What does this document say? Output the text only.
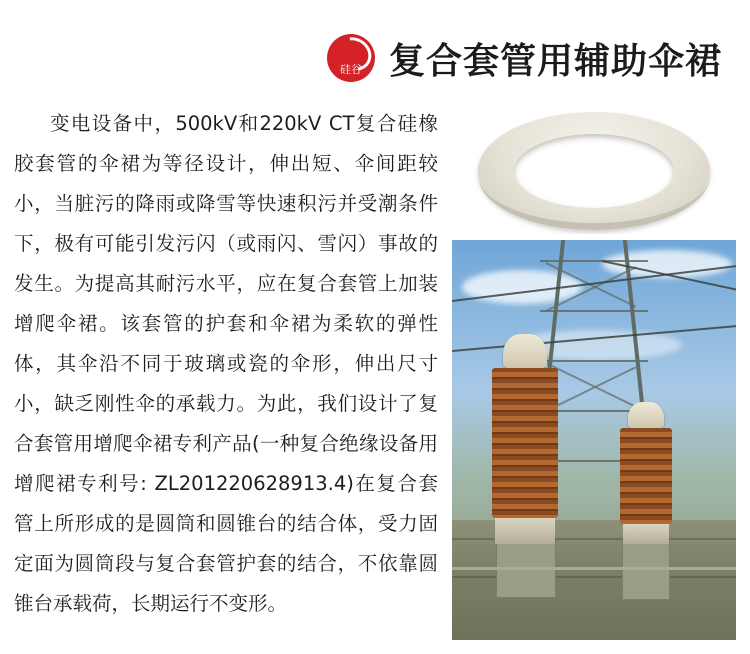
硅谷 复合套管用辅助伞裙

变电设备中，500kV和220kV CT复合硅橡胶套管的伞裙为等径设计，伸出短、伞间距较小，当脏污的降雨或降雪等快速积污并受潮条件下，极有可能引发污闪（或雨闪、雪闪）事故的发生。为提高其耐污水平，应在复合套管上加装增爬伞裙。该套管的护套和伞裙为柔软的弹性体，其伞沿不同于玻璃或瓷的伞形，伸出尺寸小，缺乏刚性伞的承载力。为此，我们设计了复合套管用增爬伞裙专利产品(一种复合绝缘设备用增爬裙专利号: ZL201220628913.4)在复合套管上所形成的是圆筒和圆锥台的结合体，受力固定面为圆筒段与复合套管护套的结合，不依靠圆锥台承载荷，长期运行不变形。
